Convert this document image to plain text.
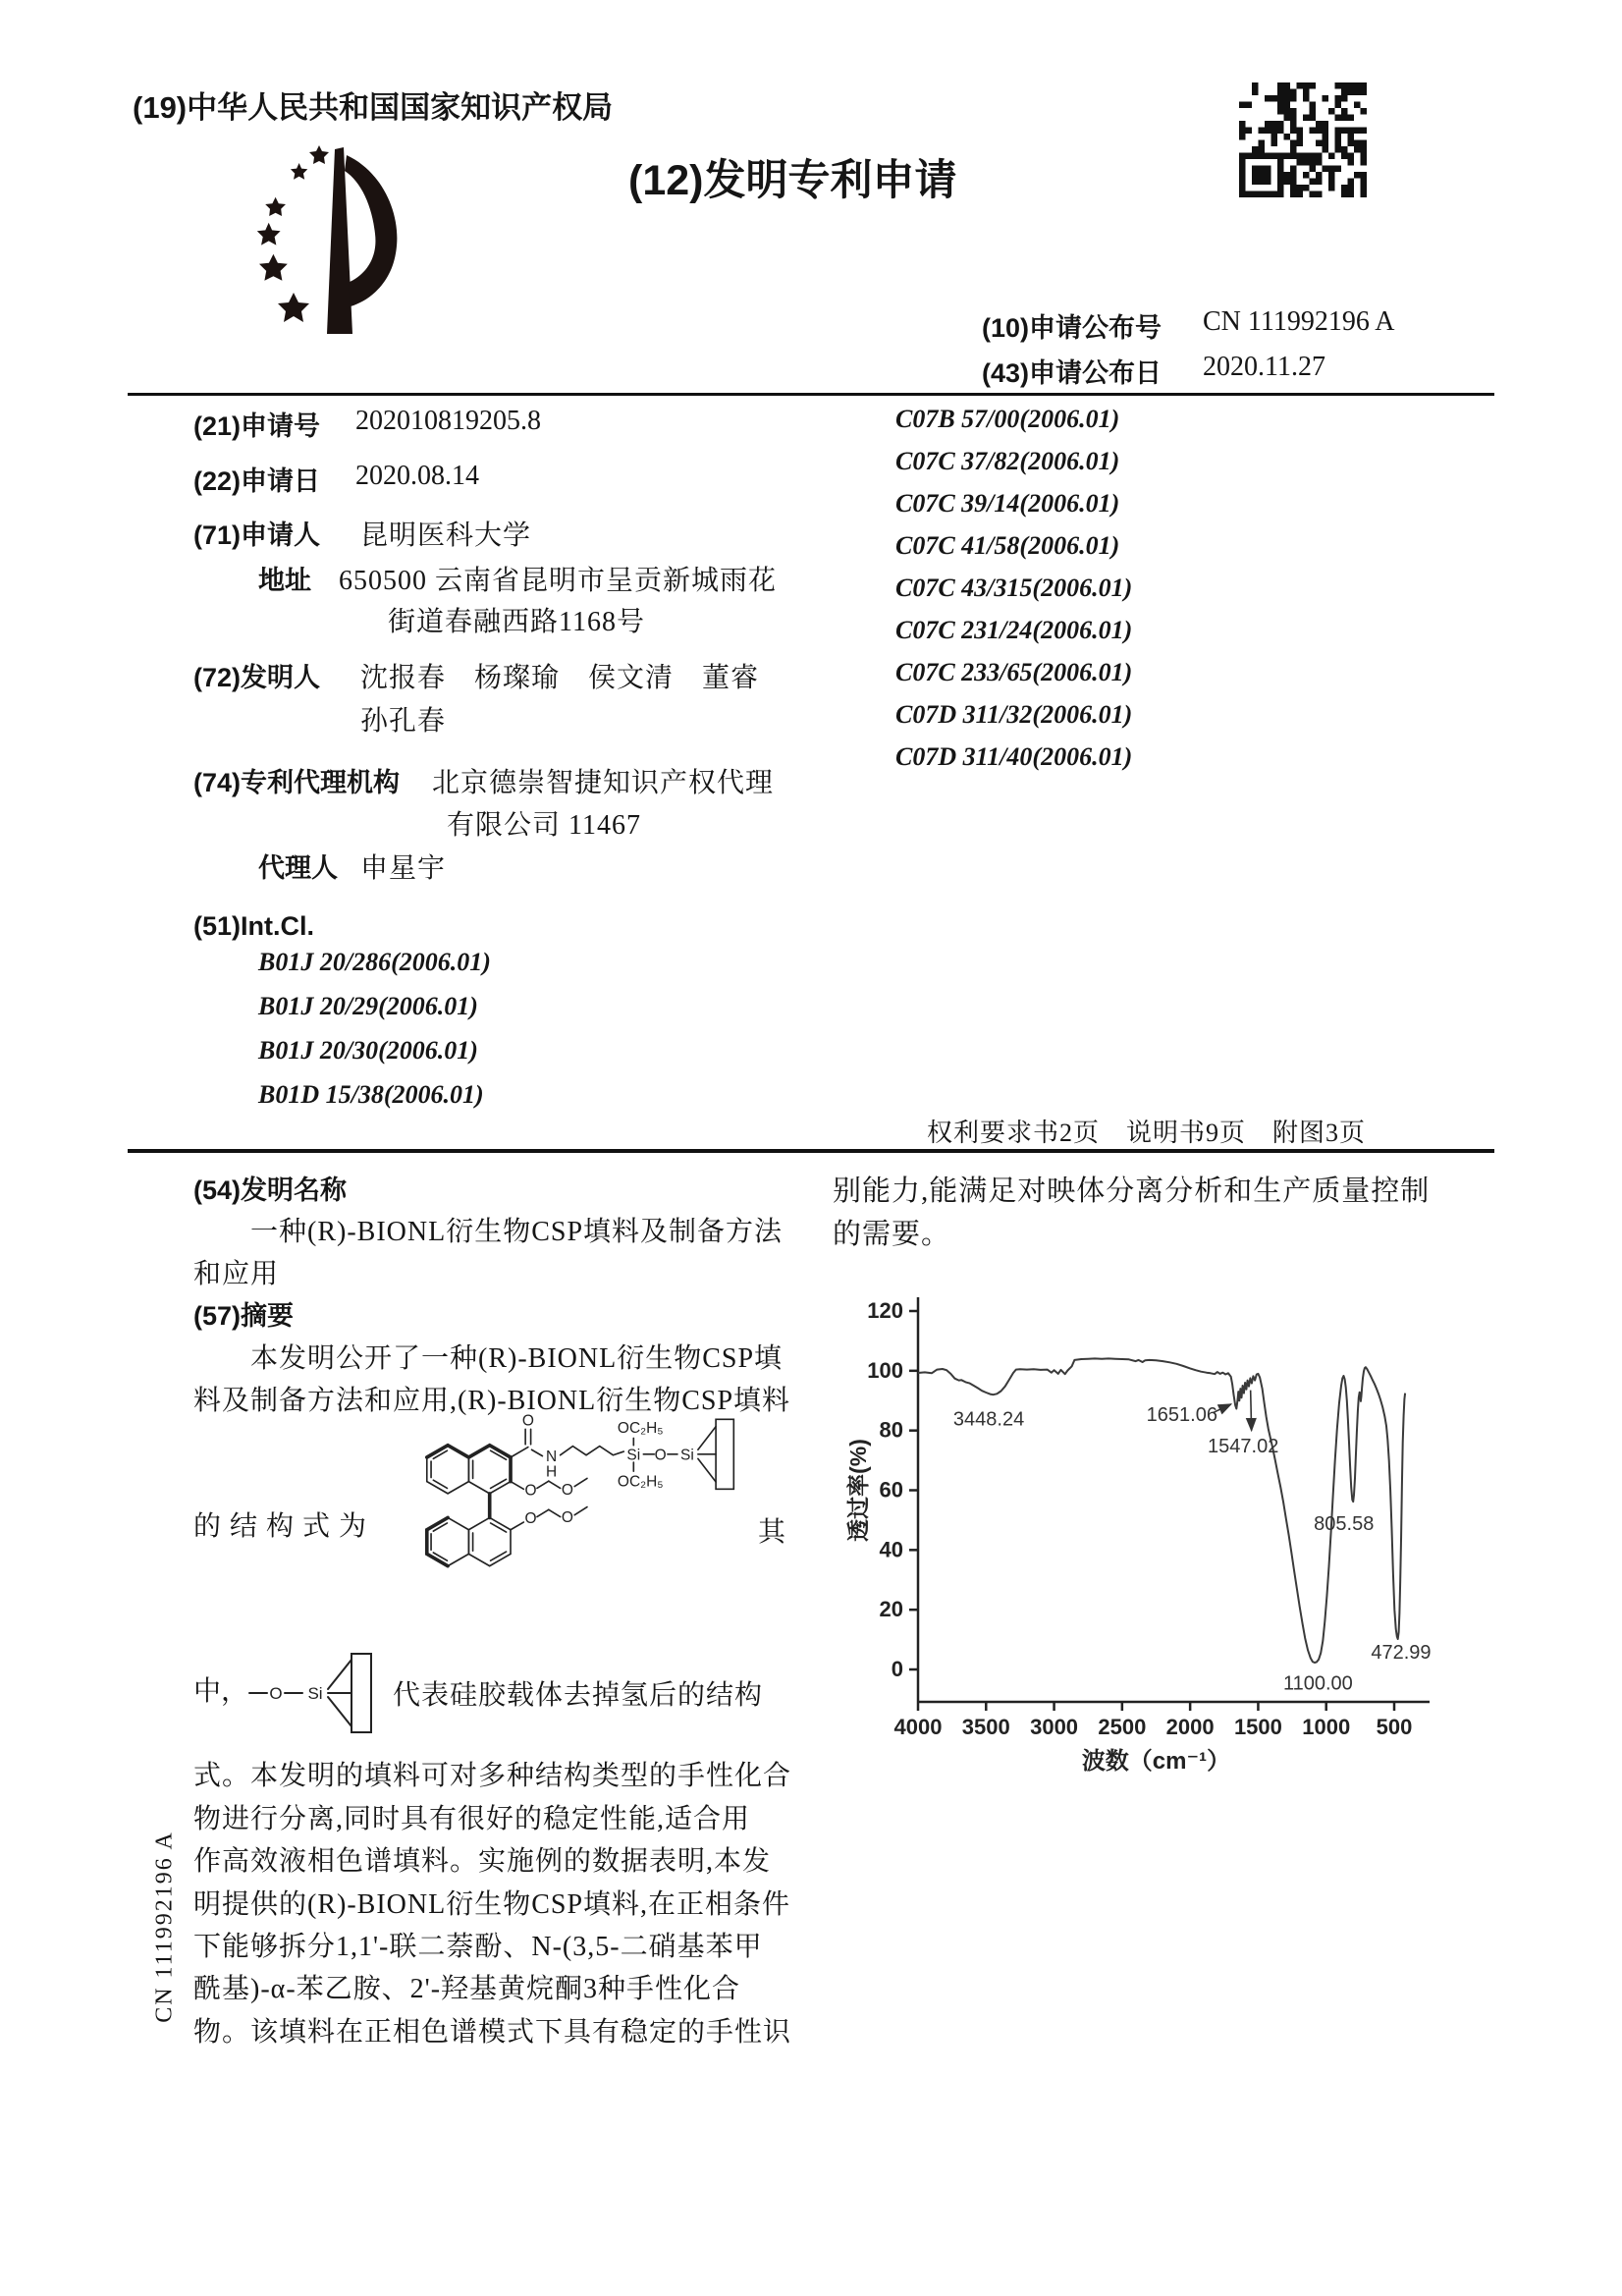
(19)中华人民共和国国家知识产权局
(12)发明专利申请
(10)申请公布号 CN 111992196 A
(43)申请公布日 2020.11.27
(21)申请号 202010819205.8
(22)申请日 2020.08.14
(71)申请人 昆明医科大学
地址 650500 云南省昆明市呈贡新城雨花
街道春融西路1168号
(72)发明人 沈报春　杨璨瑜　侯文清　董睿
孙孔春
(74)专利代理机构 北京德崇智捷知识产权代理
有限公司 11467
代理人 申星宇
(51)Int.Cl.
B01J 20/286(2006.01)
B01J 20/29(2006.01)
B01J 20/30(2006.01)
B01D 15/38(2006.01)
C07B 57/00(2006.01)
C07C 37/82(2006.01)
C07C 39/14(2006.01)
C07C 41/58(2006.01)
C07C 43/315(2006.01)
C07C 231/24(2006.01)
C07C 233/65(2006.01)
C07D 311/32(2006.01)
C07D 311/40(2006.01)
权利要求书2页　说明书9页　附图3页
(54)发明名称
一种(R)-BIONL衍生物CSP填料及制备方法
和应用
(57)摘要
本发明公开了一种(R)-BIONL衍生物CSP填
料及制备方法和应用,(R)-BIONL衍生物CSP填料
的结构式为	其
O
N
H
O O
O O
Si O Si
OC₂H₅
OC₂H₅
中， O Si	代表硅胶载体去掉氢后的结构
式。本发明的填料可对多种结构类型的手性化合
物进行分离,同时具有很好的稳定性能,适合用
作高效液相色谱填料。实施例的数据表明,本发
明提供的(R)-BIONL衍生物CSP填料,在正相条件
下能够拆分1,1'-联二萘酚、N-(3,5-二硝基苯甲
酰基)-α-苯乙胺、2'-羟基黄烷酮3种手性化合
物。该填料在正相色谱模式下具有稳定的手性识
别能力,能满足对映体分离分析和生产质量控制
的需要。
0
20
40
60
80
100
120
4000 3500 3000 2500 2000 1500 1000 500
波数（cm⁻¹）
透过率(%)
3448.24	1651.06
1547.02
805.58
1100.00
472.99
CN 111992196 A
